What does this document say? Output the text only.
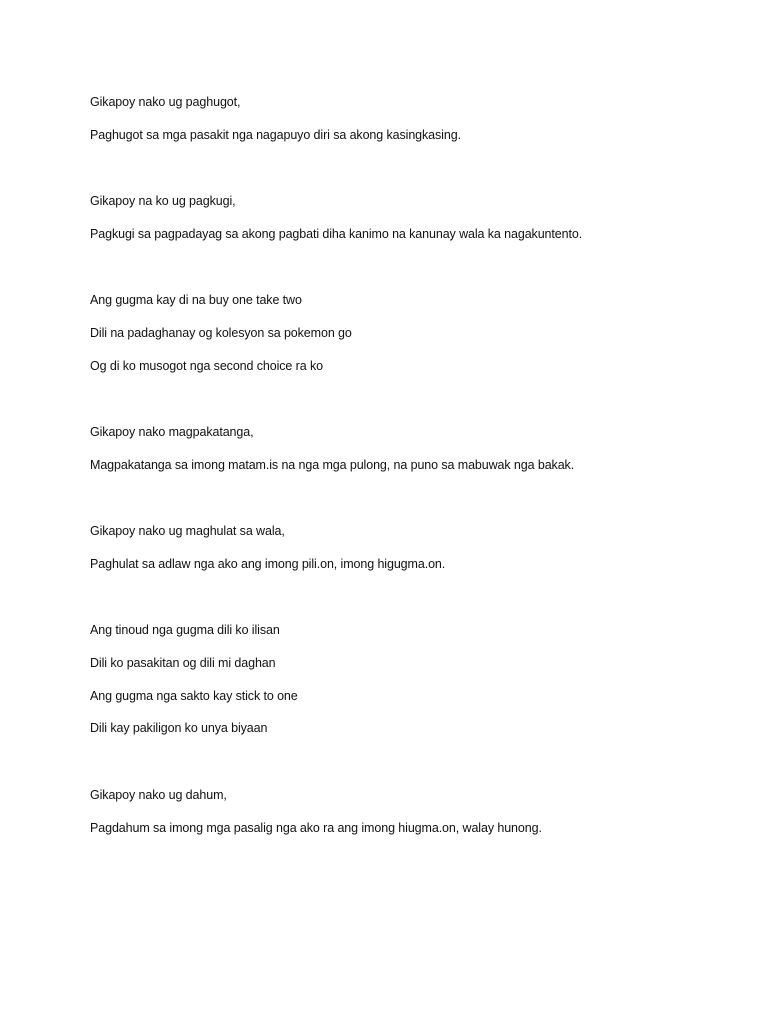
Gikapoy nako ug paghugot,

Paghugot sa mga pasakit nga nagapuyo diri sa akong kasingkasing.

Gikapoy na ko ug pagkugi,

Pagkugi sa pagpadayag sa akong pagbati diha kanimo na kanunay wala ka nagakuntento.

Ang gugma kay di na buy one take two

Dili na padaghanay og kolesyon sa pokemon go

Og di ko musogot nga second choice ra ko

Gikapoy nako magpakatanga,

Magpakatanga sa imong matam.is na nga mga pulong, na puno sa mabuwak nga bakak.

Gikapoy nako ug maghulat sa wala,

Paghulat sa adlaw nga ako ang imong pili.on, imong higugma.on.

Ang tinoud nga gugma dili ko ilisan

Dili ko pasakitan og dili mi daghan

Ang gugma nga sakto kay stick to one

Dili kay pakiligon ko unya biyaan

Gikapoy nako ug dahum,

Pagdahum sa imong mga pasalig nga ako ra ang imong hiugma.on, walay hunong.
